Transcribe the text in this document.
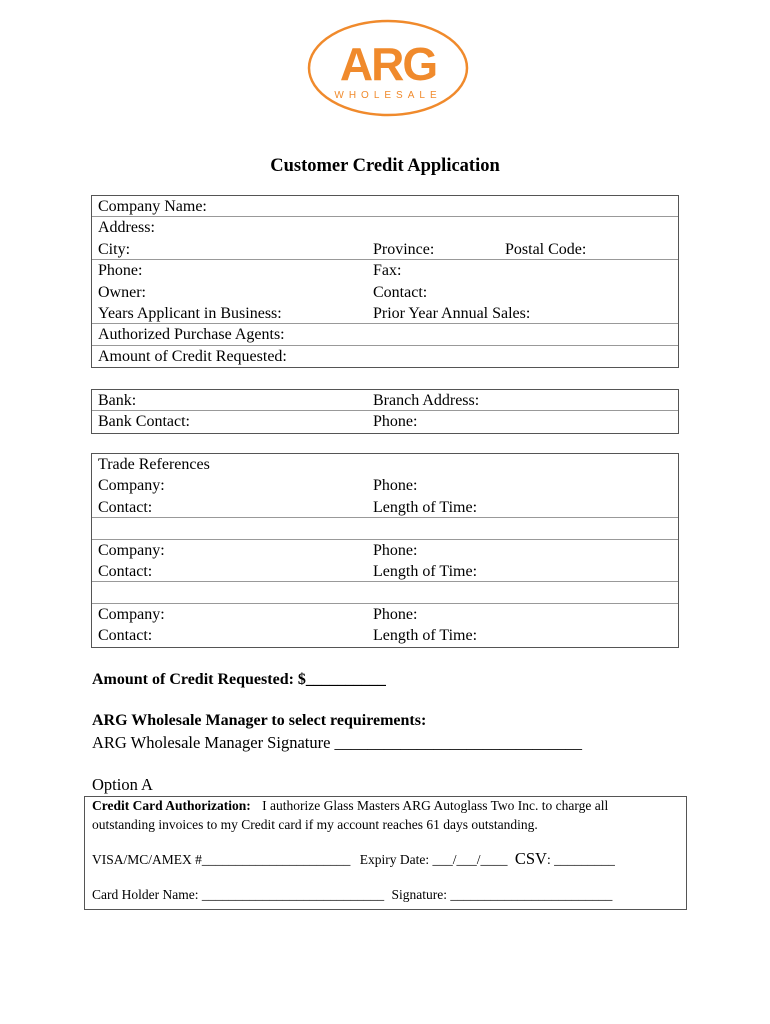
ARG
WHOLESALE
Customer Credit Application
Company Name:
Address:
City:	Province:	Postal Code:
Phone:	Fax:
Owner:	Contact:
Years Applicant in Business:	Prior Year Annual Sales:
Authorized Purchase Agents:
Amount of Credit Requested:
Bank:	Branch Address:
Bank Contact:	Phone:
Trade References
Company:	Phone:
Contact:	Length of Time:
Company:	Phone:
Contact:	Length of Time:
Company:	Phone:
Contact:	Length of Time:
Amount of Credit Requested: $__________
ARG Wholesale Manager to select requirements:
ARG Wholesale Manager Signature ______________________________
Option A
Credit Card Authorization: I authorize Glass Masters ARG Autoglass Two Inc. to charge all
outstanding invoices to my Credit card if my account reaches 61 days outstanding.
VISA/MC/AMEX #______________________ Expiry Date: ___/___/____ CSV: _________
Card Holder Name: ___________________________ Signature: ________________________
